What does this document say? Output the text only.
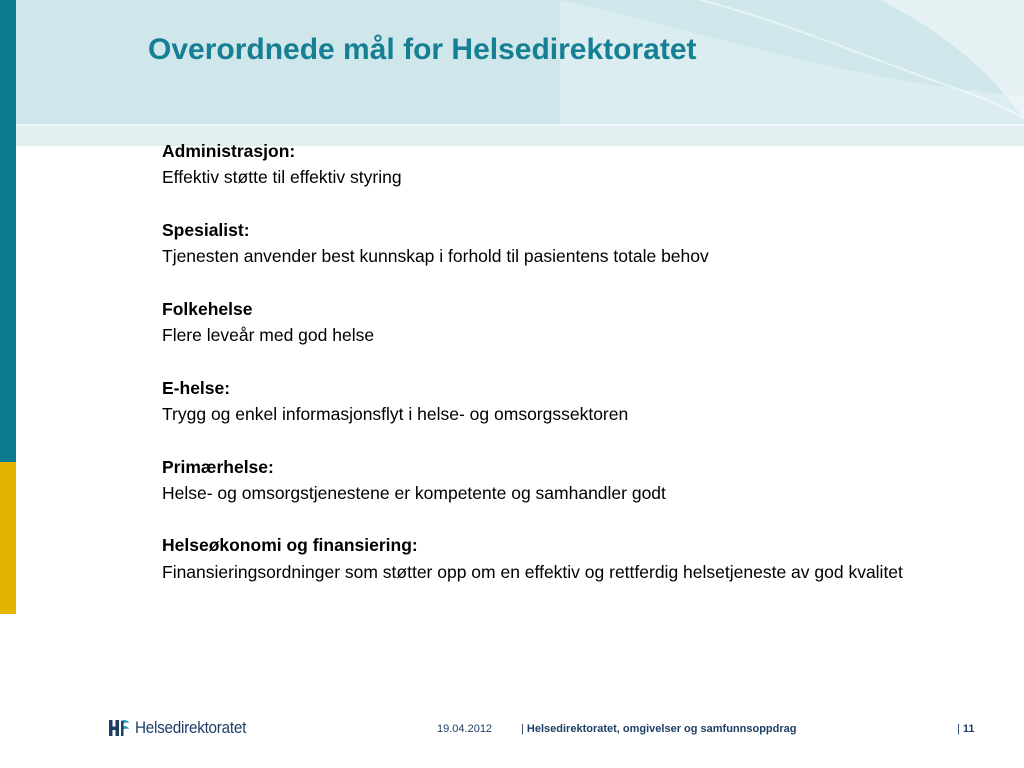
Overordnede mål for Helsedirektoratet
Administrasjon:
Effektiv støtte til effektiv styring
Spesialist:
Tjenesten anvender best kunnskap i forhold til pasientens totale behov
Folkehelse
Flere leveår med god helse
E-helse:
Trygg og enkel informasjonsflyt i helse- og omsorgssektoren
Primærhelse:
Helse- og omsorgstjenestene er kompetente og samhandler godt
Helseøkonomi og finansiering:
Finansieringsordninger som støtter opp om en effektiv og rettferdig helsetjeneste av god kvalitet
Helsedirektoratet	19.04.2012	| Helsedirektoratet, omgivelser og samfunnsoppdrag	| 11
